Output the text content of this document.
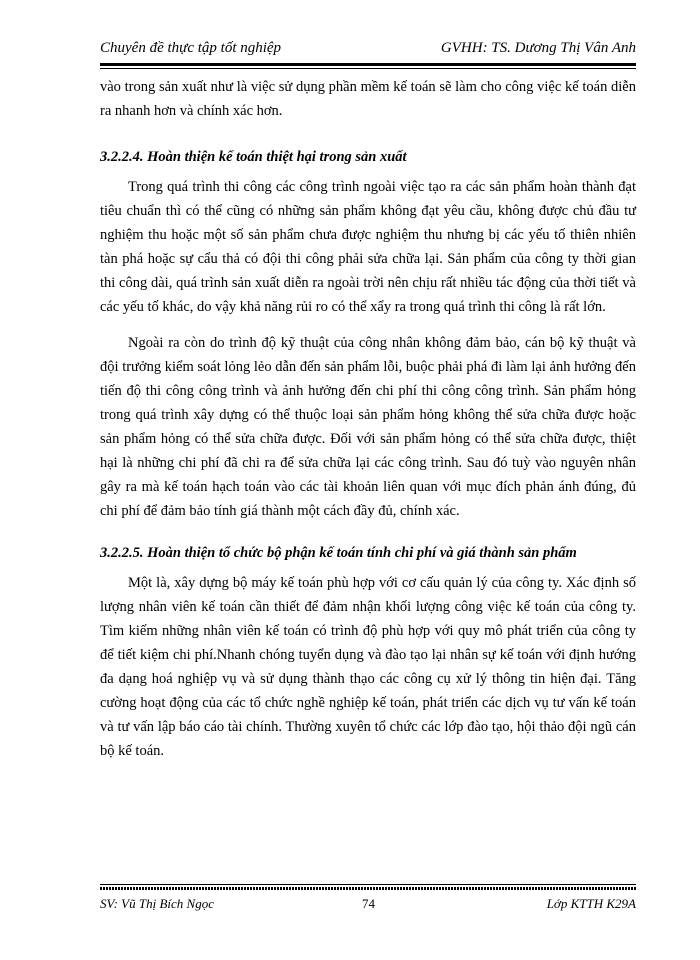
Chuyên đề thực tập tốt nghiệp	GVHH: TS. Dương Thị Vân Anh

vào trong sản xuất như là việc sử dụng phần mềm kế toán sẽ làm cho công việc kế toán diễn ra nhanh hơn và chính xác hơn.

3.2.2.4. Hoàn thiện kế toán thiệt hại trong sản xuất

Trong quá trình thi công các công trình ngoài việc tạo ra các sản phẩm hoàn thành đạt tiêu chuẩn thì có thể cũng có những sản phẩm không đạt yêu cầu, không được chủ đầu tư nghiệm thu hoặc một số sản phẩm chưa được nghiệm thu nhưng bị các yếu tố thiên nhiên tàn phá hoặc sự cẩu thả có đội thi công phải sửa chữa lại. Sản phẩm của công ty thời gian thi công dài, quá trình sản xuất diễn ra ngoài trời nên chịu rất nhiều tác động của thời tiết và các yếu tố khác, do vậy khả năng rủi ro có thể xẩy ra trong quá trình thi công là rất lớn.

Ngoài ra còn do trình độ kỹ thuật của công nhân không đảm bảo, cán bộ kỹ thuật và đội trưởng kiểm soát lỏng lẻo dẫn đến sản phẩm lỗi, buộc phải phá đi làm lại ảnh hưởng đến tiến độ thi công công trình và ảnh hưởng đến chi phí thi công công trình. Sản phẩm hỏng trong quá trình xây dựng có thể thuộc loại sản phẩm hỏng không thể sửa chữa được hoặc sản phẩm hỏng có thể sửa chữa được. Đối với sản phẩm hỏng có thể sửa chữa được, thiệt hại là những chi phí đã chi ra để sửa chữa lại các công trình. Sau đó tuỳ vào nguyên nhân gây ra mà kế toán hạch toán vào các tài khoản liên quan với mục đích phản ánh đúng, đủ chi phí để đảm bảo tính giá thành một cách đầy đủ, chính xác.

3.2.2.5. Hoàn thiện tổ chức bộ phận kế toán tính chi phí và giá thành sản phẩm

Một là, xây dựng bộ máy kế toán phù hợp với cơ cấu quản lý của công ty. Xác định số lượng nhân viên kế toán cần thiết để đảm nhận khối lượng công việc kế toán của công ty. Tìm kiếm những nhân viên kế toán có trình độ phù hợp với quy mô phát triển của công ty để tiết kiệm chi phí.Nhanh chóng tuyển dụng và đào tạo lại nhân sự kế toán với định hướng đa dạng hoá nghiệp vụ và sử dụng thành thạo các công cụ xử lý thông tin hiện đại. Tăng cường hoạt động của các tổ chức nghề nghiệp kế toán, phát triển các dịch vụ tư vấn kế toán và tư vấn lập báo cáo tài chính. Thường xuyên tổ chức các lớp đào tạo, hội thảo đội ngũ cán bộ kế toán.

SV: Vũ Thị Bích Ngọc	74	Lớp KTTH K29A
